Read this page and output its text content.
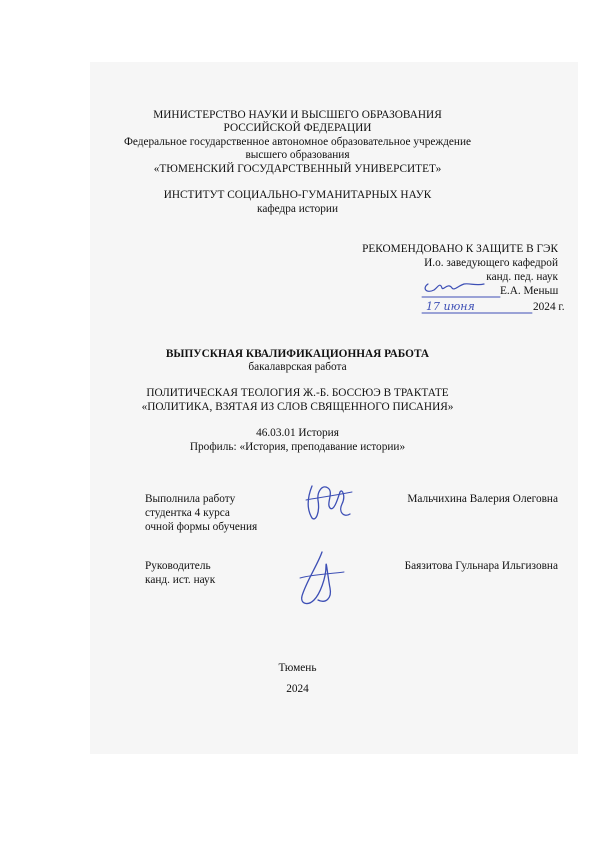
МИНИСТЕРСТВО НАУКИ И ВЫСШЕГО ОБРАЗОВАНИЯ
РОССИЙСКОЙ ФЕДЕРАЦИИ
Федеральное государственное автономное образовательное учреждение
высшего образования
«ТЮМЕНСКИЙ ГОСУДАРСТВЕННЫЙ УНИВЕРСИТЕТ»
ИНСТИТУТ СОЦИАЛЬНО-ГУМАНИТАРНЫХ НАУК
кафедра истории
РЕКОМЕНДОВАНО К ЗАЩИТЕ В ГЭК
И.о. заведующего кафедрой
канд. пед. наук
Е.А. Меньш
2024 г.
17 июня
ВЫПУСКНАЯ КВАЛИФИКАЦИОННАЯ РАБОТА
бакалаврская работа
ПОЛИТИЧЕСКАЯ ТЕОЛОГИЯ Ж.-Б. БОССЮЭ В ТРАКТАТЕ
«ПОЛИТИКА, ВЗЯТАЯ ИЗ СЛОВ СВЯЩЕННОГО ПИСАНИЯ»
46.03.01 История
Профиль: «История, преподавание истории»
Выполнила работу
студентка 4 курса
очной формы обучения
Мальчихина Валерия Олеговна
Руководитель
канд. ист. наук
Баязитова Гульнара Ильгизовна
Тюмень
2024
